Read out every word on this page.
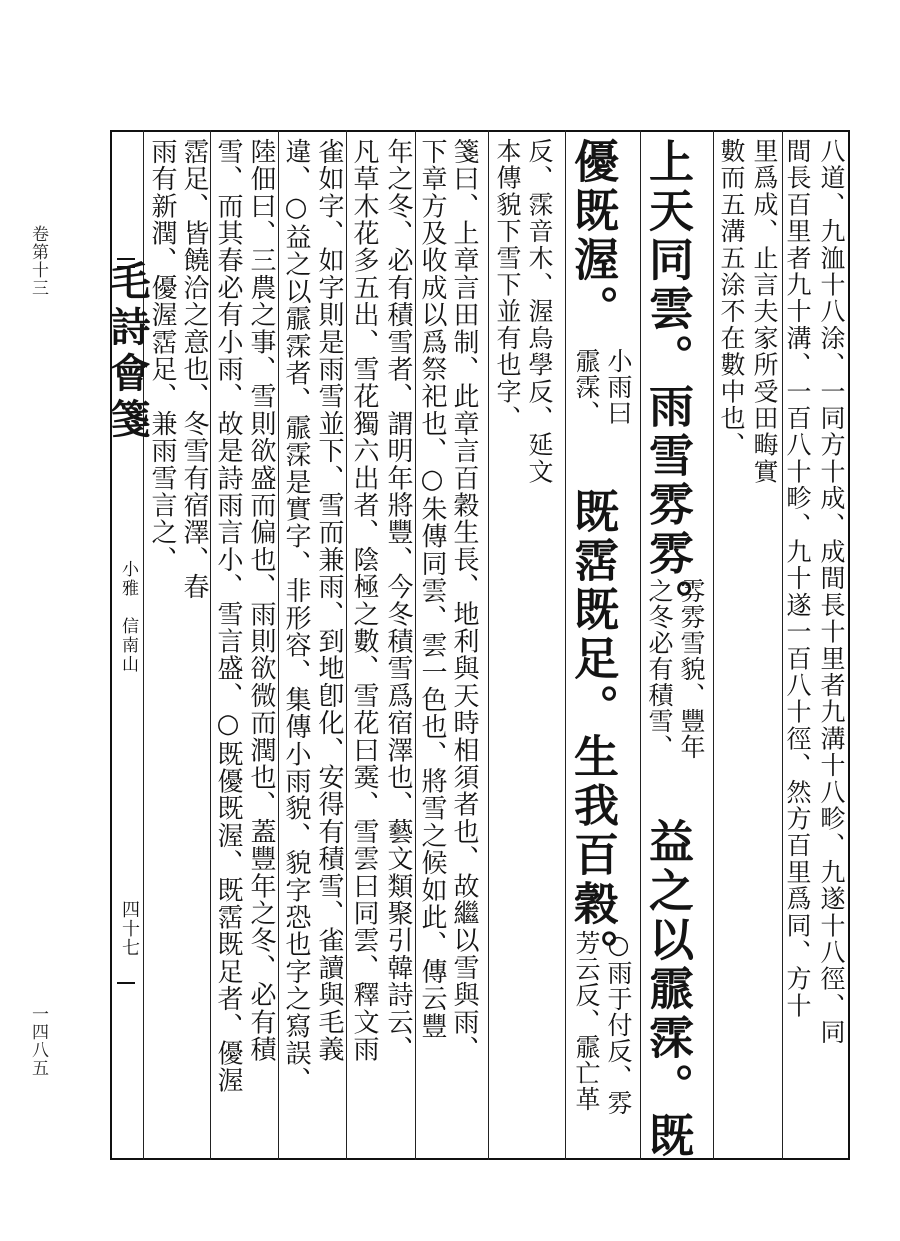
卷第十三
一四八五
毛詩會箋
小雅　信南山
四十七	八道、九洫十八涂、一同方十成、成間長十里者九溝十八畛、九遂十八徑、同
間長百里者九十溝、一百八十畛、九十遂一百八十徑、然方百里爲同、方十
里爲成、止言夫家所受田畮實
數而五溝五涂不在數中也、
上天同雲。雨雪雰雰。
雰雰雪貌、豐年
之冬必有積雪、
益之以霢霂。既
優既渥。
小雨曰
霢霂、
既霑既足。生我百穀。
○雨于付反、雰
芳云反、霢亡革
反、霂音木、渥烏學反、延文
本傳貌下雪下並有也字、
箋曰、上章言田制、此章言百穀生長、地利與天時相須者也、故繼以雪與雨、
下章方及收成以爲祭祀也、○朱傳同雲、雲一色也、將雪之候如此、傳云豐
年之冬、必有積雪者、謂明年將豐、今冬積雪爲宿澤也、藝文類聚引韓詩云、
凡草木花多五出、雪花獨六出者、陰極之數、雪花曰霙、雪雲曰同雲、釋文雨
雀如字、如字則是雨雪並下、雪而兼雨、到地卽化、安得有積雪、雀讀與毛義
違、○益之以霢霂者、霢霂是實字、非形容、集傳小雨貌、貌字恐也字之寫誤、
陸佃曰、三農之事、雪則欲盛而偏也、雨則欲微而潤也、蓋豐年之冬、必有積
雪、而其春必有小雨、故是詩雨言小、雪言盛、○既優既渥、既霑既足者、優渥
霑足、皆饒洽之意也、冬雪有宿澤、春
雨有新潤、優渥霑足、兼雨雪言之、
